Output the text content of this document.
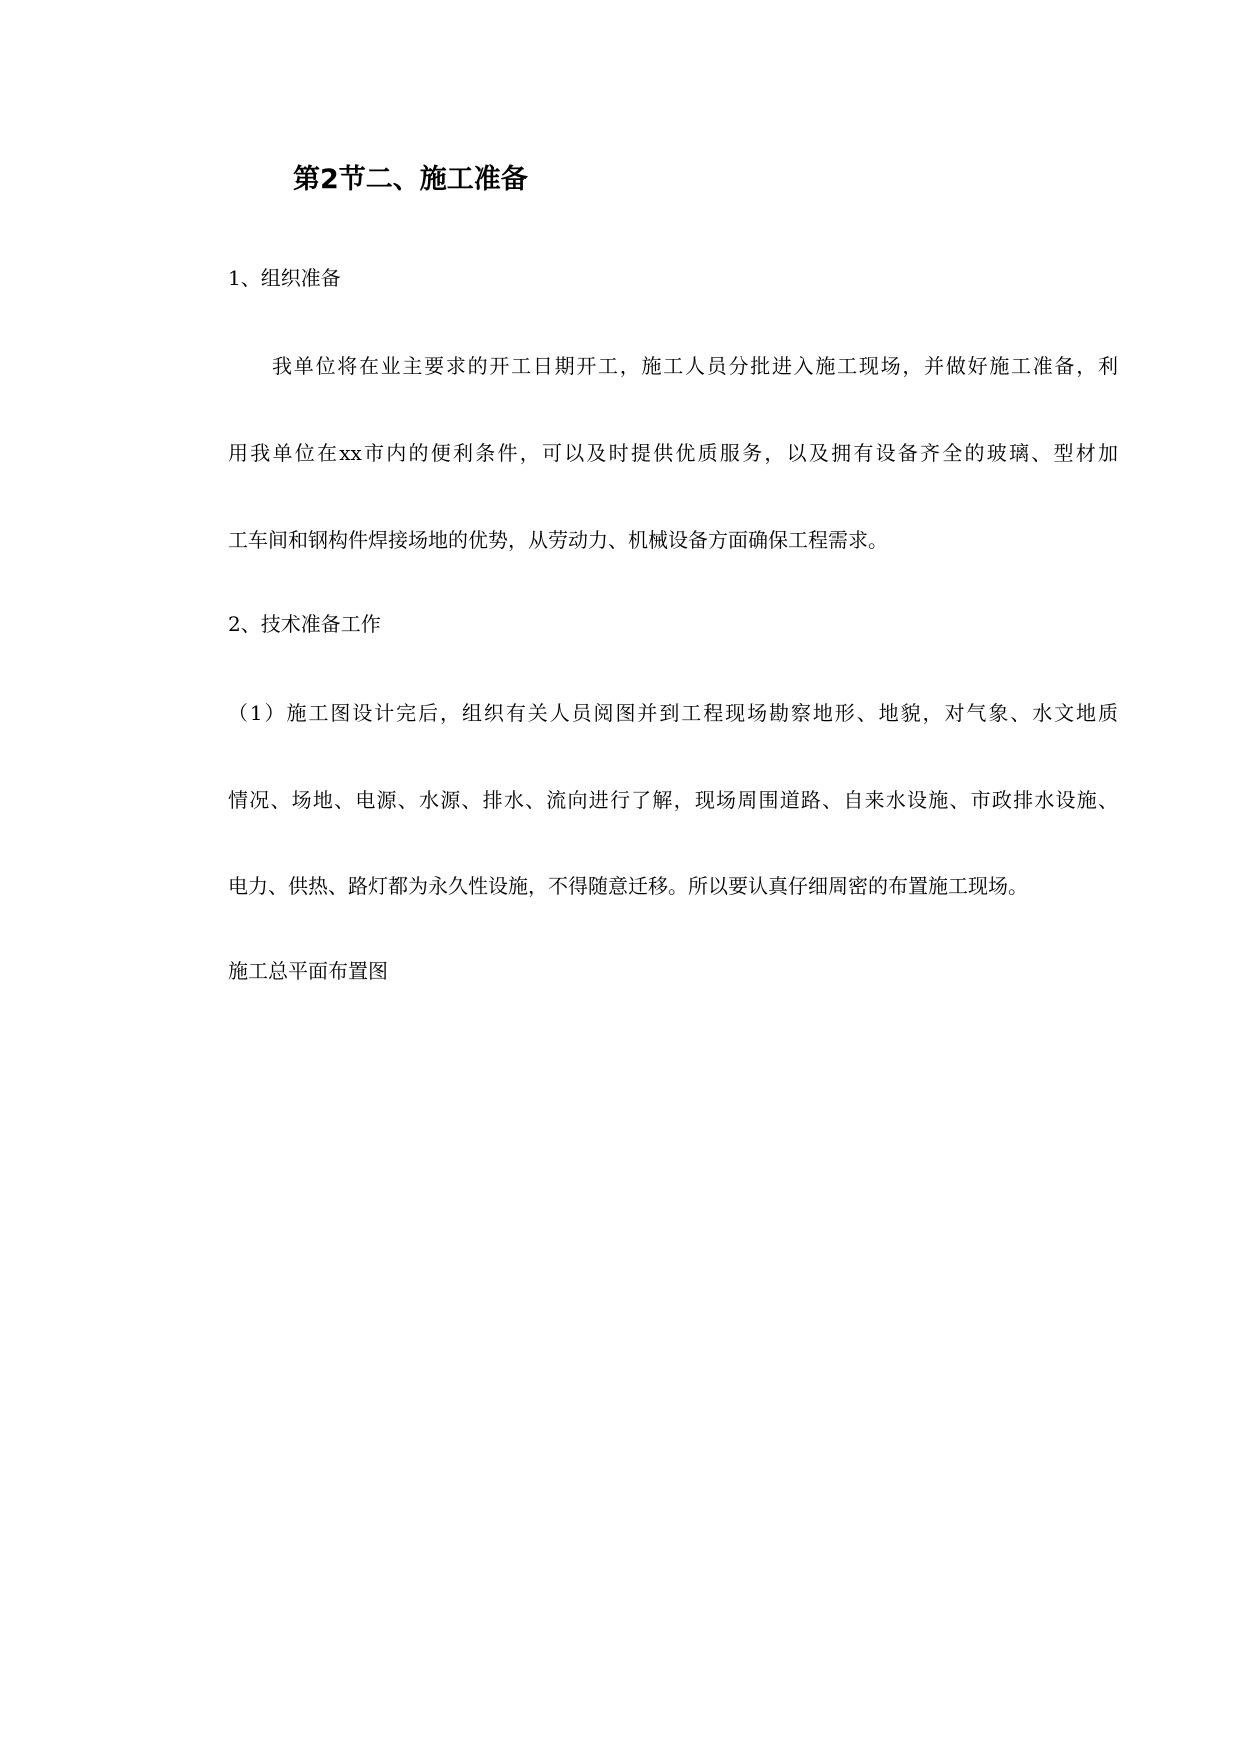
第2节二、施工准备

1、组织准备

我单位将在业主要求的开工日期开工，施工人员分批进入施工现场，并做好施工准备，利

用我单位在xx市内的便利条件，可以及时提供优质服务，以及拥有设备齐全的玻璃、型材加

工车间和钢构件焊接场地的优势，从劳动力、机械设备方面确保工程需求。

2、技术准备工作

（1）施工图设计完后，组织有关人员阅图并到工程现场勘察地形、地貌，对气象、水文地质

情况、场地、电源、水源、排水、流向进行了解，现场周围道路、自来水设施、市政排水设施、

电力、供热、路灯都为永久性设施，不得随意迁移。所以要认真仔细周密的布置施工现场。

施工总平面布置图
